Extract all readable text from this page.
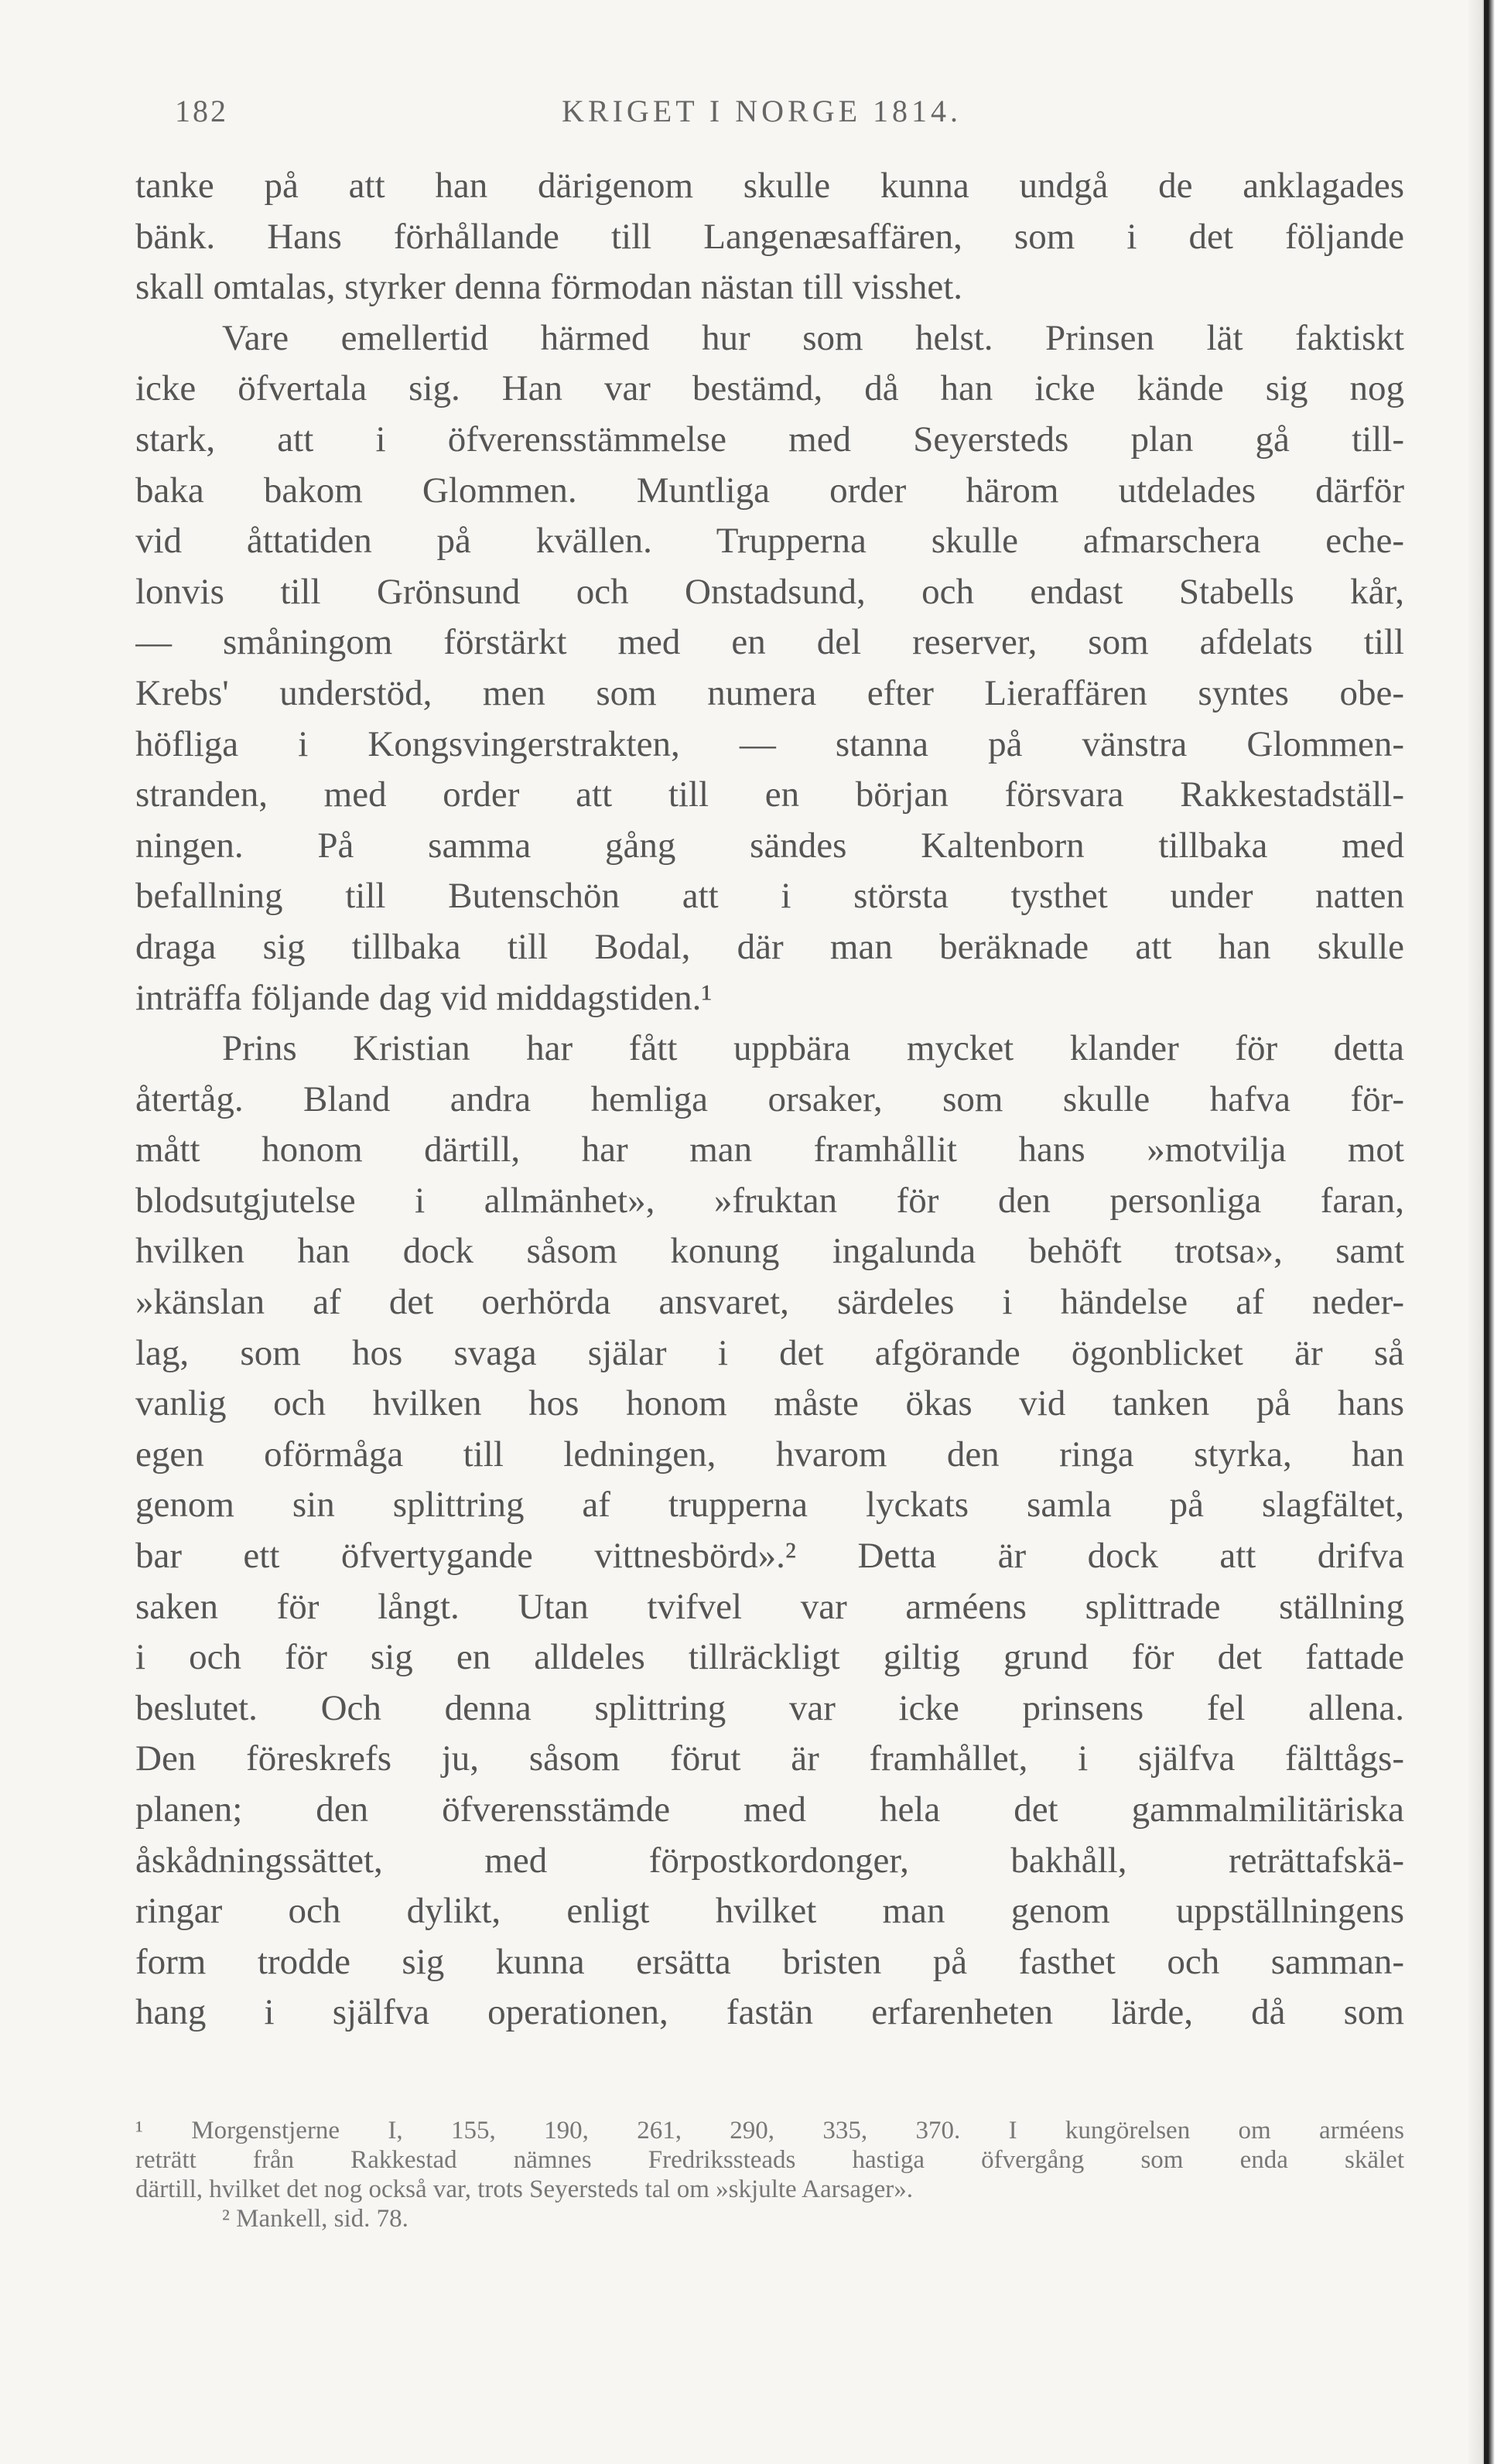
182	KRIGET I NORGE 1814.
tanke på att han därigenom skulle kunna undgå de anklagades
bänk. Hans förhållande till Langenæsaffären, som i det följande
skall omtalas, styrker denna förmodan nästan till visshet.
Vare emellertid härmed hur som helst. Prinsen lät faktiskt
icke öfvertala sig. Han var bestämd, då han icke kände sig nog
stark, att i öfverensstämmelse med Seyersteds plan gå till-
baka bakom Glommen. Muntliga order härom utdelades därför
vid åttatiden på kvällen. Trupperna skulle afmarschera eche-
lonvis till Grönsund och Onstadsund, och endast Stabells kår,
— småningom förstärkt med en del reserver, som afdelats till
Krebs' understöd, men som numera efter Lieraffären syntes obe-
höfliga i Kongsvingerstrakten, — stanna på vänstra Glommen-
stranden, med order att till en början försvara Rakkestadställ-
ningen. På samma gång sändes Kaltenborn tillbaka med
befallning till Butenschön att i största tysthet under natten
draga sig tillbaka till Bodal, där man beräknade att han skulle
inträffa följande dag vid middagstiden.¹
Prins Kristian har fått uppbära mycket klander för detta
återtåg. Bland andra hemliga orsaker, som skulle hafva för-
mått honom därtill, har man framhållit hans »motvilja mot
blodsutgjutelse i allmänhet», »fruktan för den personliga faran,
hvilken han dock såsom konung ingalunda behöft trotsa», samt
»känslan af det oerhörda ansvaret, särdeles i händelse af neder-
lag, som hos svaga själar i det afgörande ögonblicket är så
vanlig och hvilken hos honom måste ökas vid tanken på hans
egen oförmåga till ledningen, hvarom den ringa styrka, han
genom sin splittring af trupperna lyckats samla på slagfältet,
bar ett öfvertygande vittnesbörd».² Detta är dock att drifva
saken för långt. Utan tvifvel var arméens splittrade ställning
i och för sig en alldeles tillräckligt giltig grund för det fattade
beslutet. Och denna splittring var icke prinsens fel allena.
Den föreskrefs ju, såsom förut är framhållet, i själfva fälttågs-
planen; den öfverensstämde med hela det gammalmilitäriska
åskådningssättet, med förpostkordonger, bakhåll, reträttafskä-
ringar och dylikt, enligt hvilket man genom uppställningens
form trodde sig kunna ersätta bristen på fasthet och samman-
hang i själfva operationen, fastän erfarenheten lärde, då som
¹ Morgenstjerne I, 155, 190, 261, 290, 335, 370. I kungörelsen om arméens
reträtt från Rakkestad nämnes Fredrikssteads hastiga öfvergång som enda skälet
därtill, hvilket det nog också var, trots Seyersteds tal om »skjulte Aarsager».
² Mankell, sid. 78.
